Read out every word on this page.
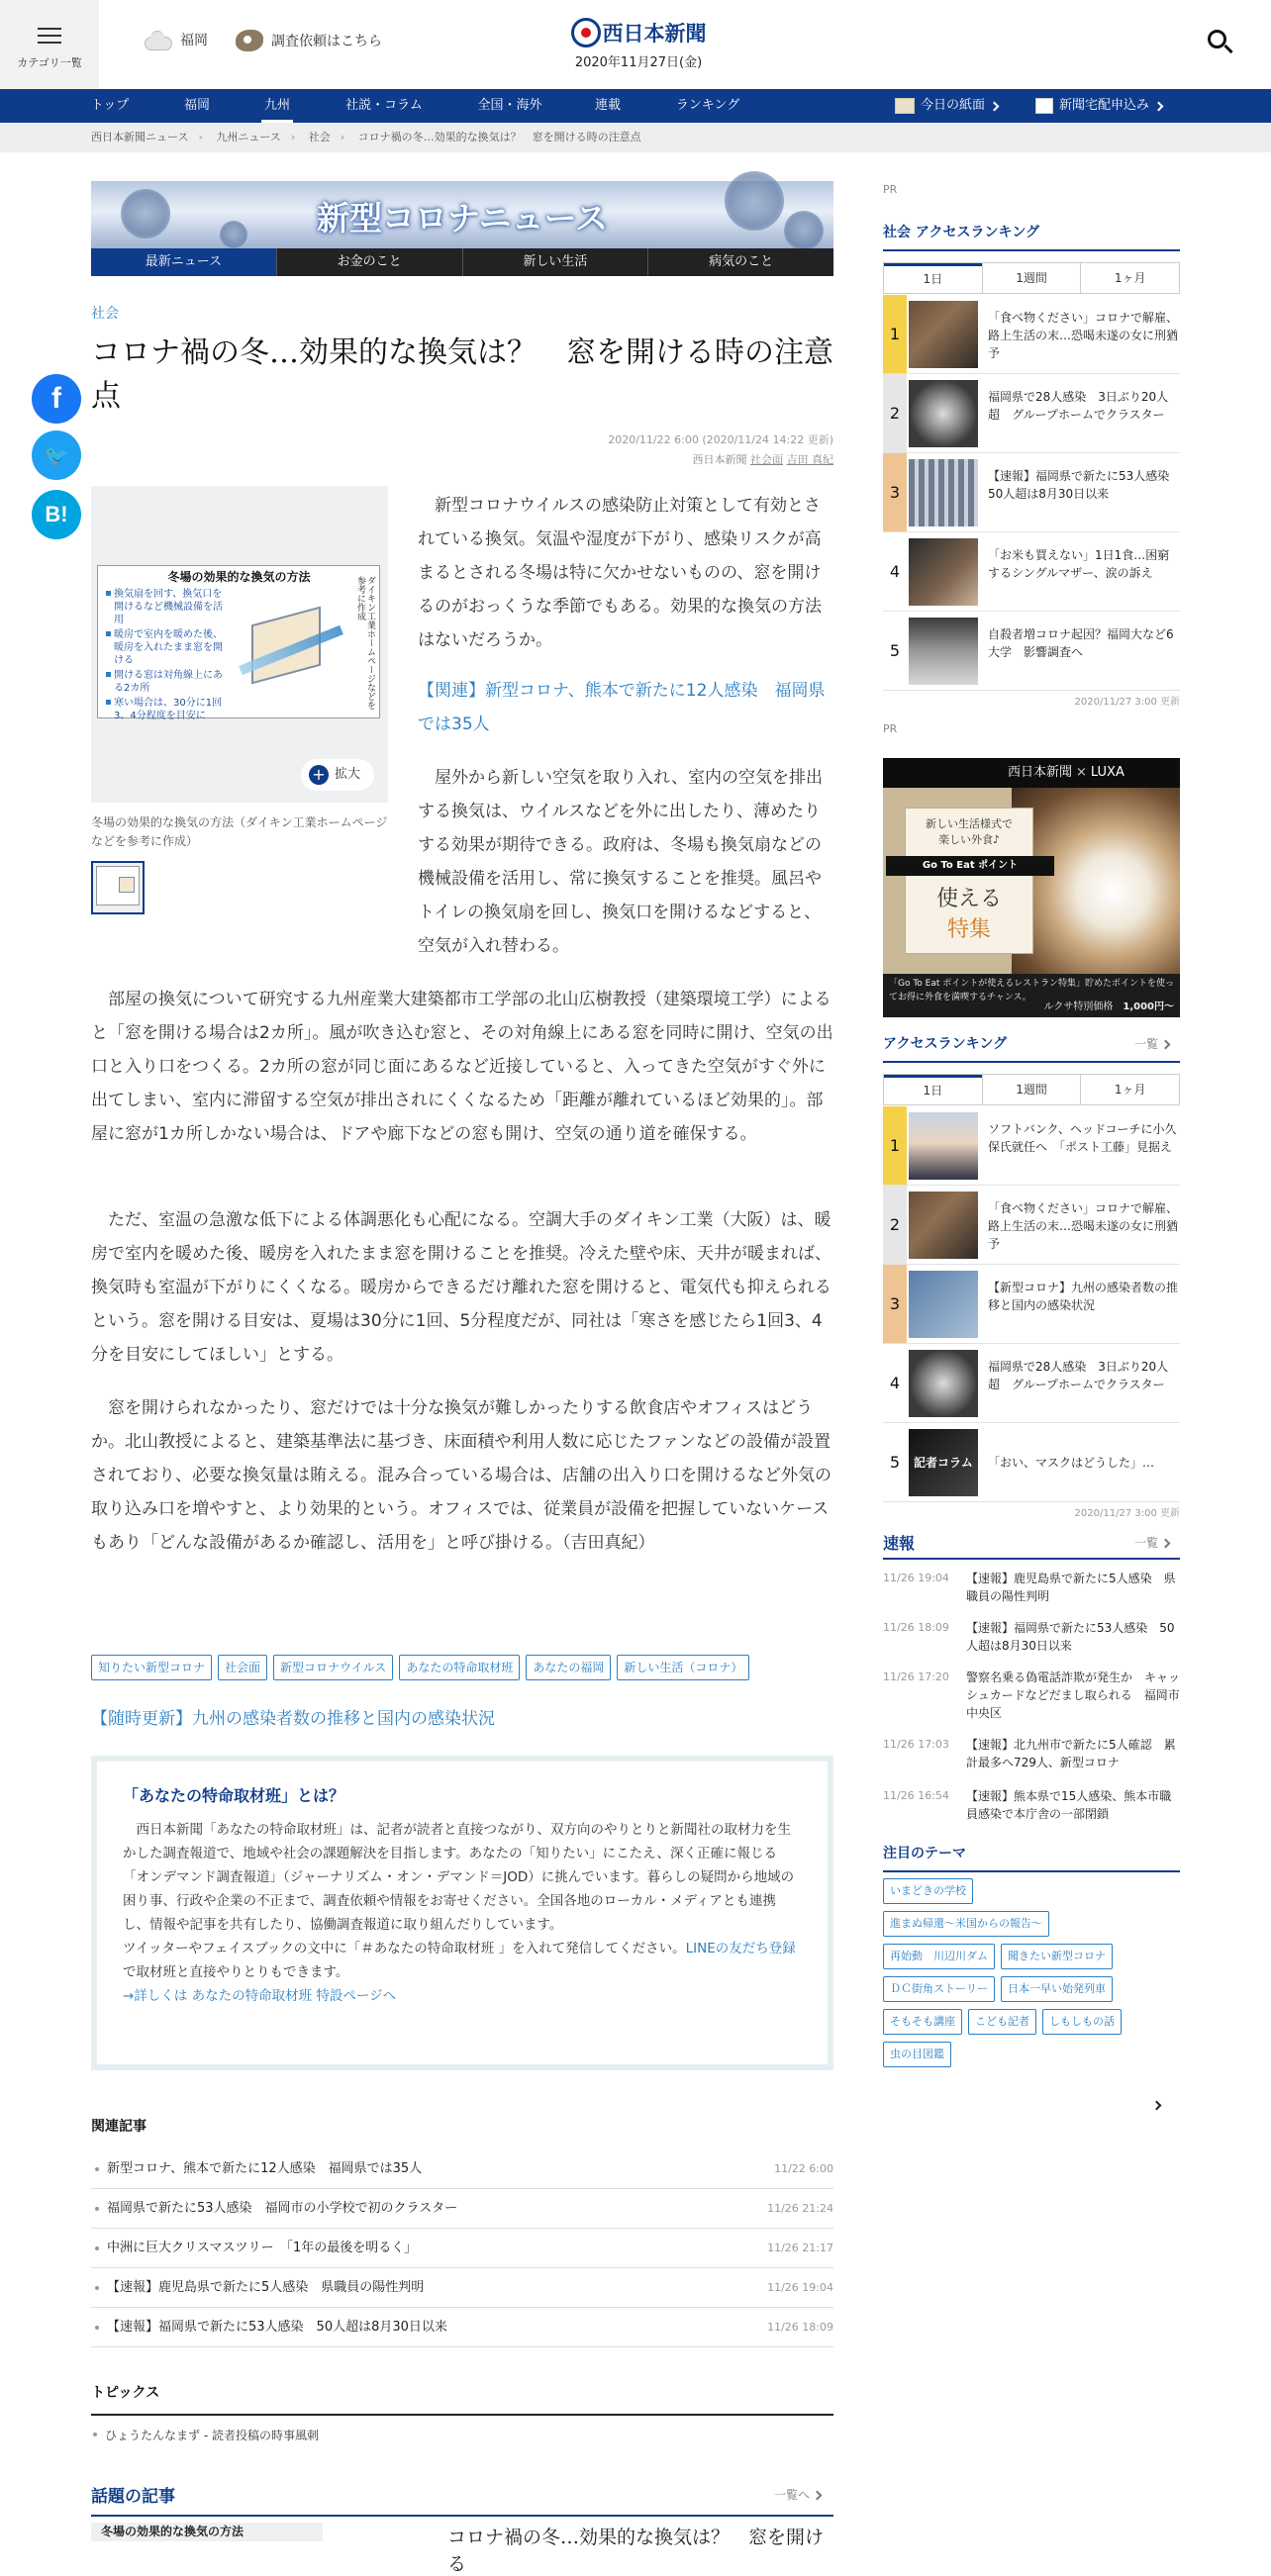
カテゴリ一覧
福岡	調査依頼はこちら	西日本新聞
2020年11月27日(金)
トップ	福岡	九州	社説・コラム	全国・海外	連載	ランキング	今日の紙面	新聞宅配申込み
西日本新聞ニュース › 九州ニュース › 社会 › コロナ禍の冬…効果的な換気は？　窓を開ける時の注意点
f
🐦
B!
新型コロナニュース
最新ニュース	お金のこと	新しい生活	病気のこと
社会
コロナ禍の冬…効果的な換気は？　窓を開ける時の注意点
2020/11/22 6:00 (2020/11/24 14:22 更新)
西日本新聞 社会面 吉田 真紀
冬場の効果的な換気の方法
換気扇を回す、換気口を開けるなど機械設備を活用
暖房で室内を暖めた後、暖房を入れたまま窓を開ける
開ける窓は対角線上にある2カ所
寒い場合は、30分に1回3、4分程度を目安に
ダイキン工業ホームページなどを参考に作成
+ 拡大
冬場の効果的な換気の方法（ダイキン工業ホームページなどを参考に作成）

新型コロナウイルスの感染防止対策として有効とされている換気。気温や湿度が下がり、感染リスクが高まるとされる冬場は特に欠かせないものの、窓を開けるのがおっくうな季節でもある。効果的な換気の方法はないだろうか。

【関連】新型コロナ、熊本で新たに12人感染　福岡県では35人

屋外から新しい空気を取り入れ、室内の空気を排出する換気は、ウイルスなどを外に出したり、薄めたりする効果が期待できる。政府は、冬場も換気扇などの機械設備を活用し、常に換気することを推奨。風呂やトイレの換気扇を回し、換気口を開けるなどすると、空気が入れ替わる。

部屋の換気について研究する九州産業大建築都市工学部の北山広樹教授（建築環境工学）によると「窓を開ける場合は2カ所」。風が吹き込む窓と、その対角線上にある窓を同時に開け、空気の出口と入り口をつくる。2カ所の窓が同じ面にあるなど近接していると、入ってきた空気がすぐ外に出てしまい、室内に滞留する空気が排出されにくくなるため「距離が離れているほど効果的」。部屋に窓が1カ所しかない場合は、ドアや廊下などの窓も開け、空気の通り道を確保する。

ただ、室温の急激な低下による体調悪化も心配になる。空調大手のダイキン工業（大阪）は、暖房で室内を暖めた後、暖房を入れたまま窓を開けることを推奨。冷えた壁や床、天井が暖まれば、換気時も室温が下がりにくくなる。暖房からできるだけ離れた窓を開けると、電気代も抑えられるという。窓を開ける目安は、夏場は30分に1回、5分程度だが、同社は「寒さを感じたら1回3、4分を目安にしてほしい」とする。

窓を開けられなかったり、窓だけでは十分な換気が難しかったりする飲食店やオフィスはどうか。北山教授によると、建築基準法に基づき、床面積や利用人数に応じたファンなどの設備が設置されており、必要な換気量は賄える。混み合っている場合は、店舗の出入り口を開けるなど外気の取り込み口を増やすと、より効果的という。オフィスでは、従業員が設備を把握していないケースもあり「どんな設備があるか確認し、活用を」と呼び掛ける。（吉田真紀）

知りたい新型コロナ	社会面	新型コロナウイルス	あなたの特命取材班	あなたの福岡	新しい生活（コロナ）
【随時更新】九州の感染者数の推移と国内の感染状況
「あなたの特命取材班」とは？

西日本新聞「あなたの特命取材班」は、記者が読者と直接つながり、双方向のやりとりと新聞社の取材力を生かした調査報道で、地域や社会の課題解決を目指します。あなたの「知りたい」にこたえ、深く正確に報じる「オンデマンド調査報道」（ジャーナリズム・オン・デマンド＝JOD）に挑んでいます。暮らしの疑問から地域の困り事、行政や企業の不正まで、調査依頼や情報をお寄せください。全国各地のローカル・メディアとも連携し、情報や記事を共有したり、協働調査報道に取り組んだりしています。

ツイッターやフェイスブックの文中に「＃あなたの特命取材班 」を入れて発信してください。LINEの友だち登録で取材班と直接やりとりもできます。

→詳しくは あなたの特命取材班 特設ページへ

関連記事
新型コロナ、熊本で新たに12人感染　福岡県では35人	11/22 6:00
福岡県で新たに53人感染　福岡市の小学校で初のクラスター	11/26 21:24
中洲に巨大クリスマスツリー　「1年の最後を明るく」	11/26 21:17
【速報】鹿児島県で新たに5人感染　県職員の陽性判明	11/26 19:04
【速報】福岡県で新たに53人感染　50人超は8月30日以来	11/26 18:09
トピックス
ひょうたんなまず - 読者投稿の時事風刺
話題の記事	一覧へ
冬場の効果的な換気の方法	コロナ禍の冬…効果的な換気は？　窓を開ける
PR
社会 アクセスランキング
1日	1週間	1ヶ月
1
「食べ物ください」コロナで解雇、路上生活の末…恐喝未遂の女に刑猶予
2
福岡県で28人感染　3日ぶり20人超　グループホームでクラスター
3
【速報】福岡県で新たに53人感染　50人超は8月30日以来
4
「お米も買えない」1日1食…困窮するシングルマザー、涙の訴え
5
自殺者増コロナ起因？福岡大など6大学　影響調査へ
2020/11/27 3:00 更新
PR
西日本新聞 × LUXA
新しい生活様式で
楽しい外食♪
Go To Eat ポイント
使える
特集
「Go To Eat ポイントが使えるレストラン特集」貯めたポイントを使ってお得に外食を満喫するチャンス。
ルクサ特別価格　 1,000円〜
アクセスランキング	一覧
1日	1週間	1ヶ月
1
ソフトバンク、ヘッドコーチに小久保氏就任へ　「ポスト工藤」見据え
2
「食べ物ください」コロナで解雇、路上生活の末…恐喝未遂の女に刑猶予
3
【新型コロナ】九州の感染者数の推移と国内の感染状況
4
福岡県で28人感染　3日ぶり20人超　グループホームでクラスター
5	記者コラム	「おい、マスクはどうした」…
2020/11/27 3:00 更新
速報	一覧
11/26 19:04 【速報】鹿児島県で新たに5人感染　県職員の陽性判明
11/26 18:09 【速報】福岡県で新たに53人感染　50人超は8月30日以来
11/26 17:20 警察名乗る偽電話詐欺が発生か　キャッシュカードなどだまし取られる　福岡市中央区
11/26 17:03 【速報】北九州市で新たに5人確認　累計最多へ729人、新型コロナ
11/26 16:54 【速報】熊本県で15人感染、熊本市職員感染で本庁舎の一部閉鎖
注目のテーマ
いまどきの学校
進まぬ帰還～米国からの報告～
再始動　川辺川ダム	聞きたい新型コロナ
ＤＣ街角ストーリー	日本一早い始発列車
そもそも講座	こども記者	しもしもの話
虫の目図鑑
